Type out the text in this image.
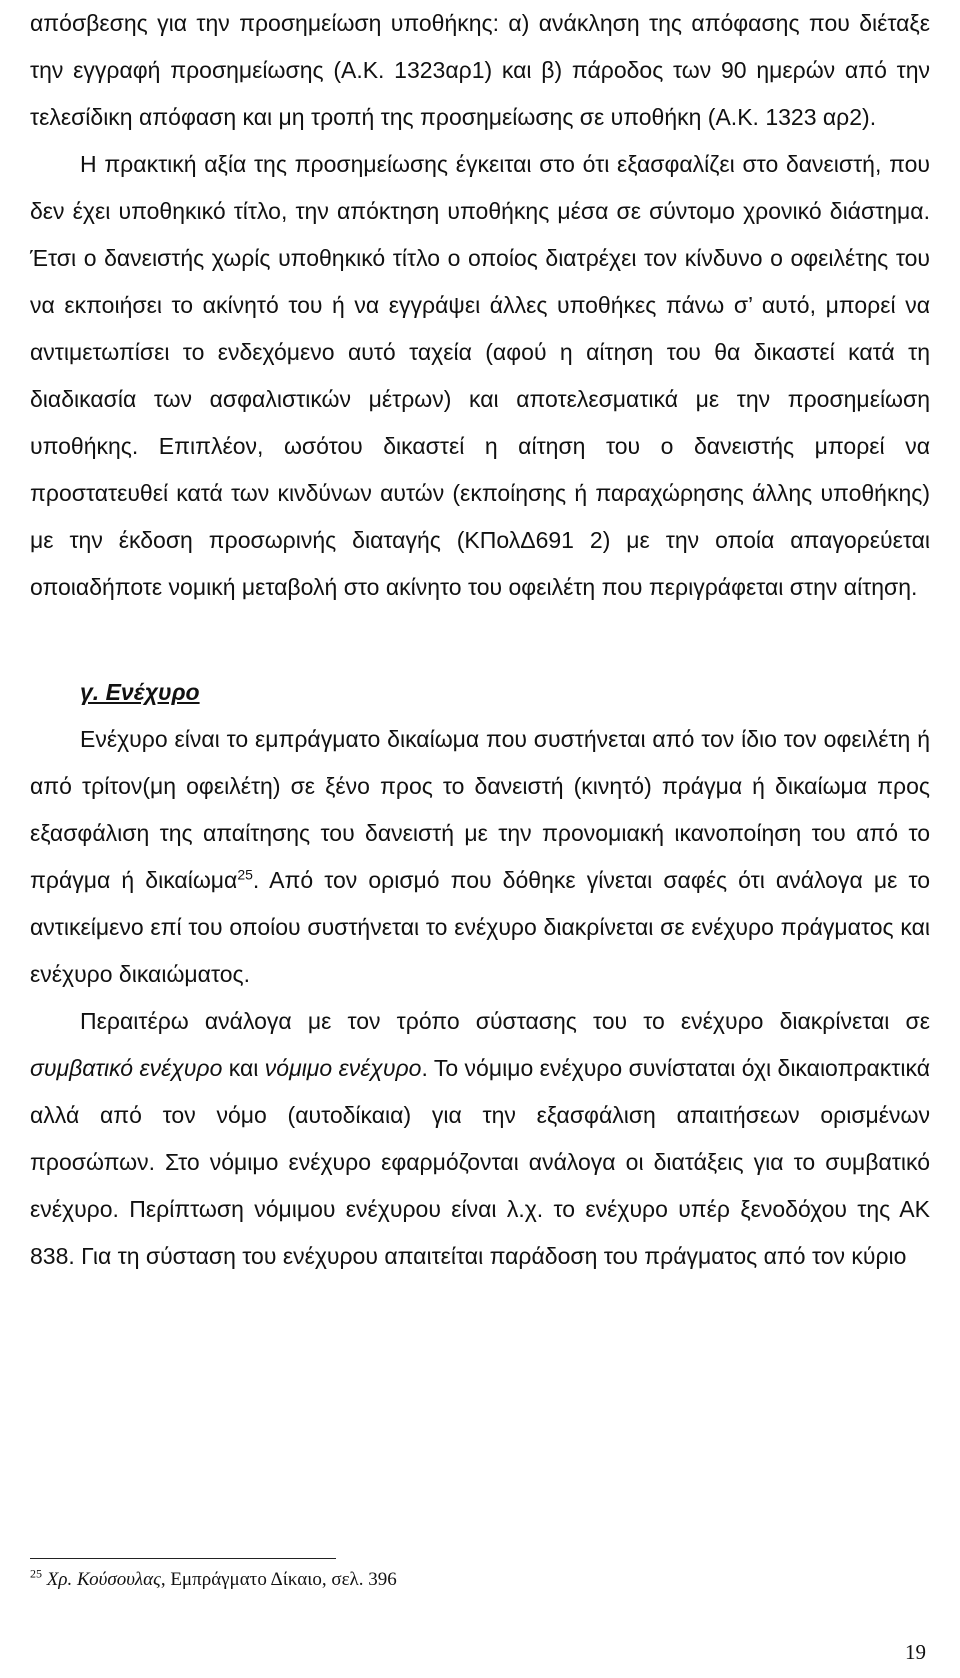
απόσβεσης για την προσημείωση υποθήκης: α) ανάκληση της απόφασης που διέταξε την εγγραφή προσημείωσης (Α.Κ. 1323αρ1) και β) πάροδος των 90 ημερών από την τελεσίδικη απόφαση και μη τροπή της προσημείωσης σε υποθήκη (Α.Κ. 1323 αρ2).

Η πρακτική αξία της προσημείωσης έγκειται στο ότι εξασφαλίζει στο δανειστή, που δεν έχει υποθηκικό τίτλο, την απόκτηση υποθήκης μέσα σε σύντομο χρονικό διάστημα. Έτσι ο δανειστής χωρίς υποθηκικό τίτλο ο οποίος διατρέχει τον κίνδυνο ο οφειλέτης του να εκποιήσει το ακίνητό του ή να εγγράψει άλλες υποθήκες πάνω σ’ αυτό, μπορεί να αντιμετωπίσει το ενδεχόμενο αυτό ταχεία (αφού η αίτηση του θα δικαστεί κατά τη διαδικασία των ασφαλιστικών μέτρων) και αποτελεσματικά με την προσημείωση υποθήκης. Επιπλέον, ωσότου δικαστεί η αίτηση του ο δανειστής μπορεί να προστατευθεί κατά των κινδύνων αυτών (εκποίησης ή παραχώρησης άλλης υποθήκης) με την έκδοση προσωρινής διαταγής (ΚΠολΔ691 2) με την οποία απαγορεύεται οποιαδήποτε νομική μεταβολή στο ακίνητο του οφειλέτη που περιγράφεται στην αίτηση.

γ. Ενέχυρο

Ενέχυρο είναι το εμπράγματο δικαίωμα που συστήνεται από τον ίδιο τον οφειλέτη ή από τρίτον(μη οφειλέτη) σε ξένο προς το δανειστή (κινητό) πράγμα ή δικαίωμα προς εξασφάλιση της απαίτησης του δανειστή με την προνομιακή ικανοποίηση του από το πράγμα ή δικαίωμα$^{25}$. Από τον ορισμό που δόθηκε γίνεται σαφές ότι ανάλογα με το αντικείμενο επί του οποίου συστήνεται το ενέχυρο διακρίνεται σε ενέχυρο πράγματος και ενέχυρο δικαιώματος.

Περαιτέρω ανάλογα με τον τρόπο σύστασης του το ενέχυρο διακρίνεται σε συμβατικό ενέχυρο και νόμιμο ενέχυρο. Το νόμιμο ενέχυρο συνίσταται όχι δικαιοπρακτικά αλλά από τον νόμο (αυτοδίκαια) για την εξασφάλιση απαιτήσεων ορισμένων προσώπων. Στο νόμιμο ενέχυρο εφαρμόζονται ανάλογα οι διατάξεις για το συμβατικό ενέχυρο. Περίπτωση νόμιμου ενέχυρου είναι λ.χ. το ενέχυρο υπέρ ξενοδόχου της ΑΚ 838. Για τη σύσταση του ενέχυρου απαιτείται παράδοση του πράγματος από τον κύριο

$^{25}$ Χρ. Κούσουλας, Εμπράγματο Δίκαιο, σελ. 396
19
